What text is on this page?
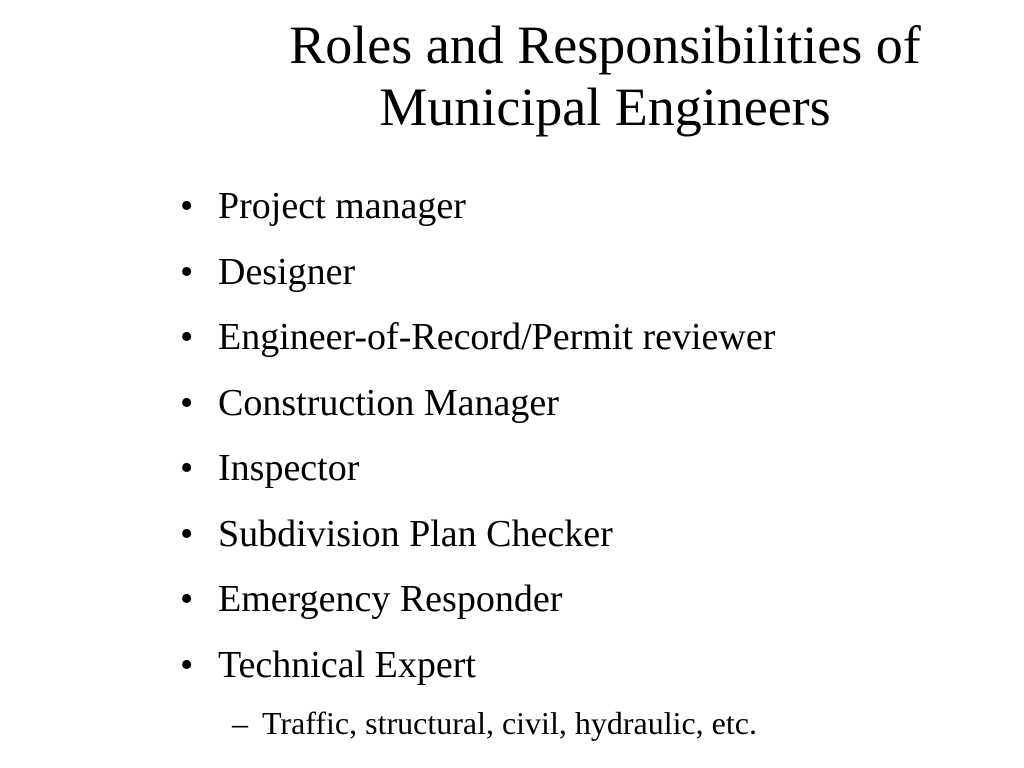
Roles and Responsibilities of
Municipal Engineers
• Project manager
• Designer
• Engineer-of-Record/Permit reviewer
• Construction Manager
• Inspector
• Subdivision Plan Checker
• Emergency Responder
• Technical Expert
– Traffic, structural, civil, hydraulic, etc.
